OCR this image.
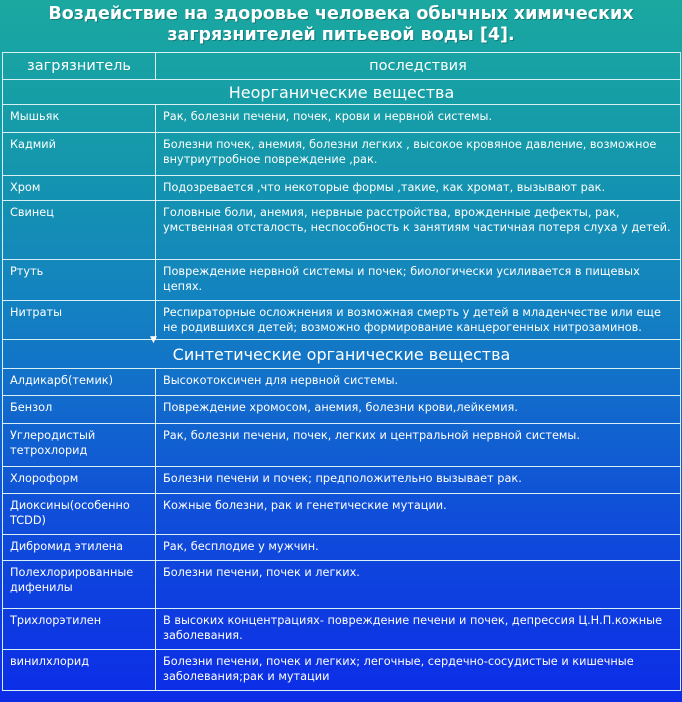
Воздействие на здоровье человека обычных химических
загрязнителей питьевой воды [4].
загрязнитель	последствия
Неорганические вещества	
Мышьяк	Рак, болезни печени, почек, крови и нервной системы.
Кадмий	Болезни почек, анемия, болезни легких , высокое кровяное давление, возможное внутриутробное повреждение ,рак.
Хром	Подозревается ,что некоторые формы ,такие, как хромат, вызывают рак.
Свинец	Головные боли, анемия, нервные расстройства, врожденные дефекты, рак, умственная отсталость, неспособность к занятиям частичная потеря слуха у детей.
Ртуть	Повреждение нервной системы и почек; биологически усиливается в пищевых цепях.
Нитраты	Респираторные осложнения и возможная смерть у детей в младенчестве или еще не родившихся детей; возможно формирование канцерогенных нитрозаминов.
Синтетические органические вещества	
Алдикарб(темик)	Высокотоксичен для нервной системы.
Бензол	Повреждение хромосом, анемия, болезни крови,лейкемия.
Углеродистый тетрохлорид	Рак, болезни печени, почек, легких и центральной нервной системы.
Хлороформ	Болезни печени и почек; предположительно вызывает рак.
Диоксины(особенно TCDD)	Кожные болезни, рак и генетические мутации.
Дибромид этилена	Рак, бесплодие у мужчин.
Полехлорированные дифенилы	Болезни печени, почек и легких.
Трихлорэтилен	В высоких концентрациях- повреждение печени и почек, депрессия Ц.Н.П.кожные заболевания.
винилхлорид	Болезни печени, почек и легких; легочные, сердечно-сосудистые и кишечные заболевания;рак и мутации
▼
